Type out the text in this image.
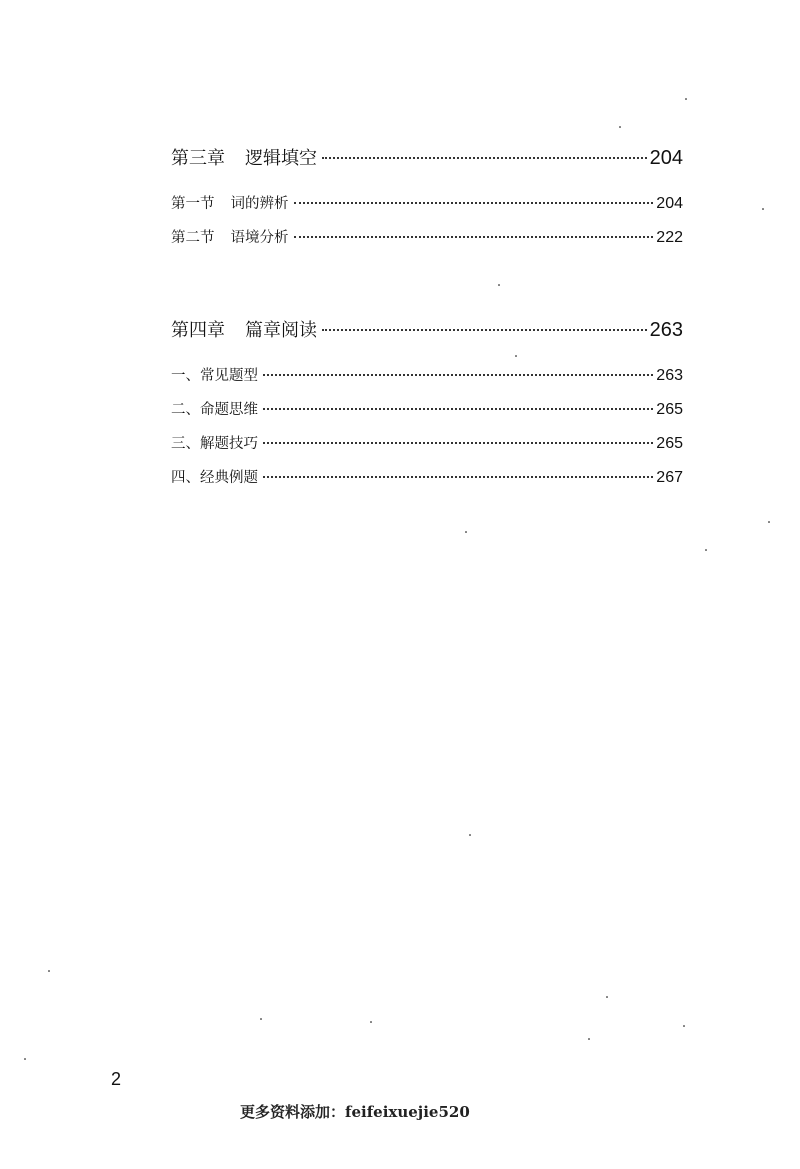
第三章 逻辑填空	204
第一节 词的辨析	204
第二节 语境分析	222
第四章 篇章阅读	263
一、 常见题型	263
二、 命题思维	265
三、 解题技巧	265
四、 经典例题	267
2
更多资料添加：feifeixuejie520
